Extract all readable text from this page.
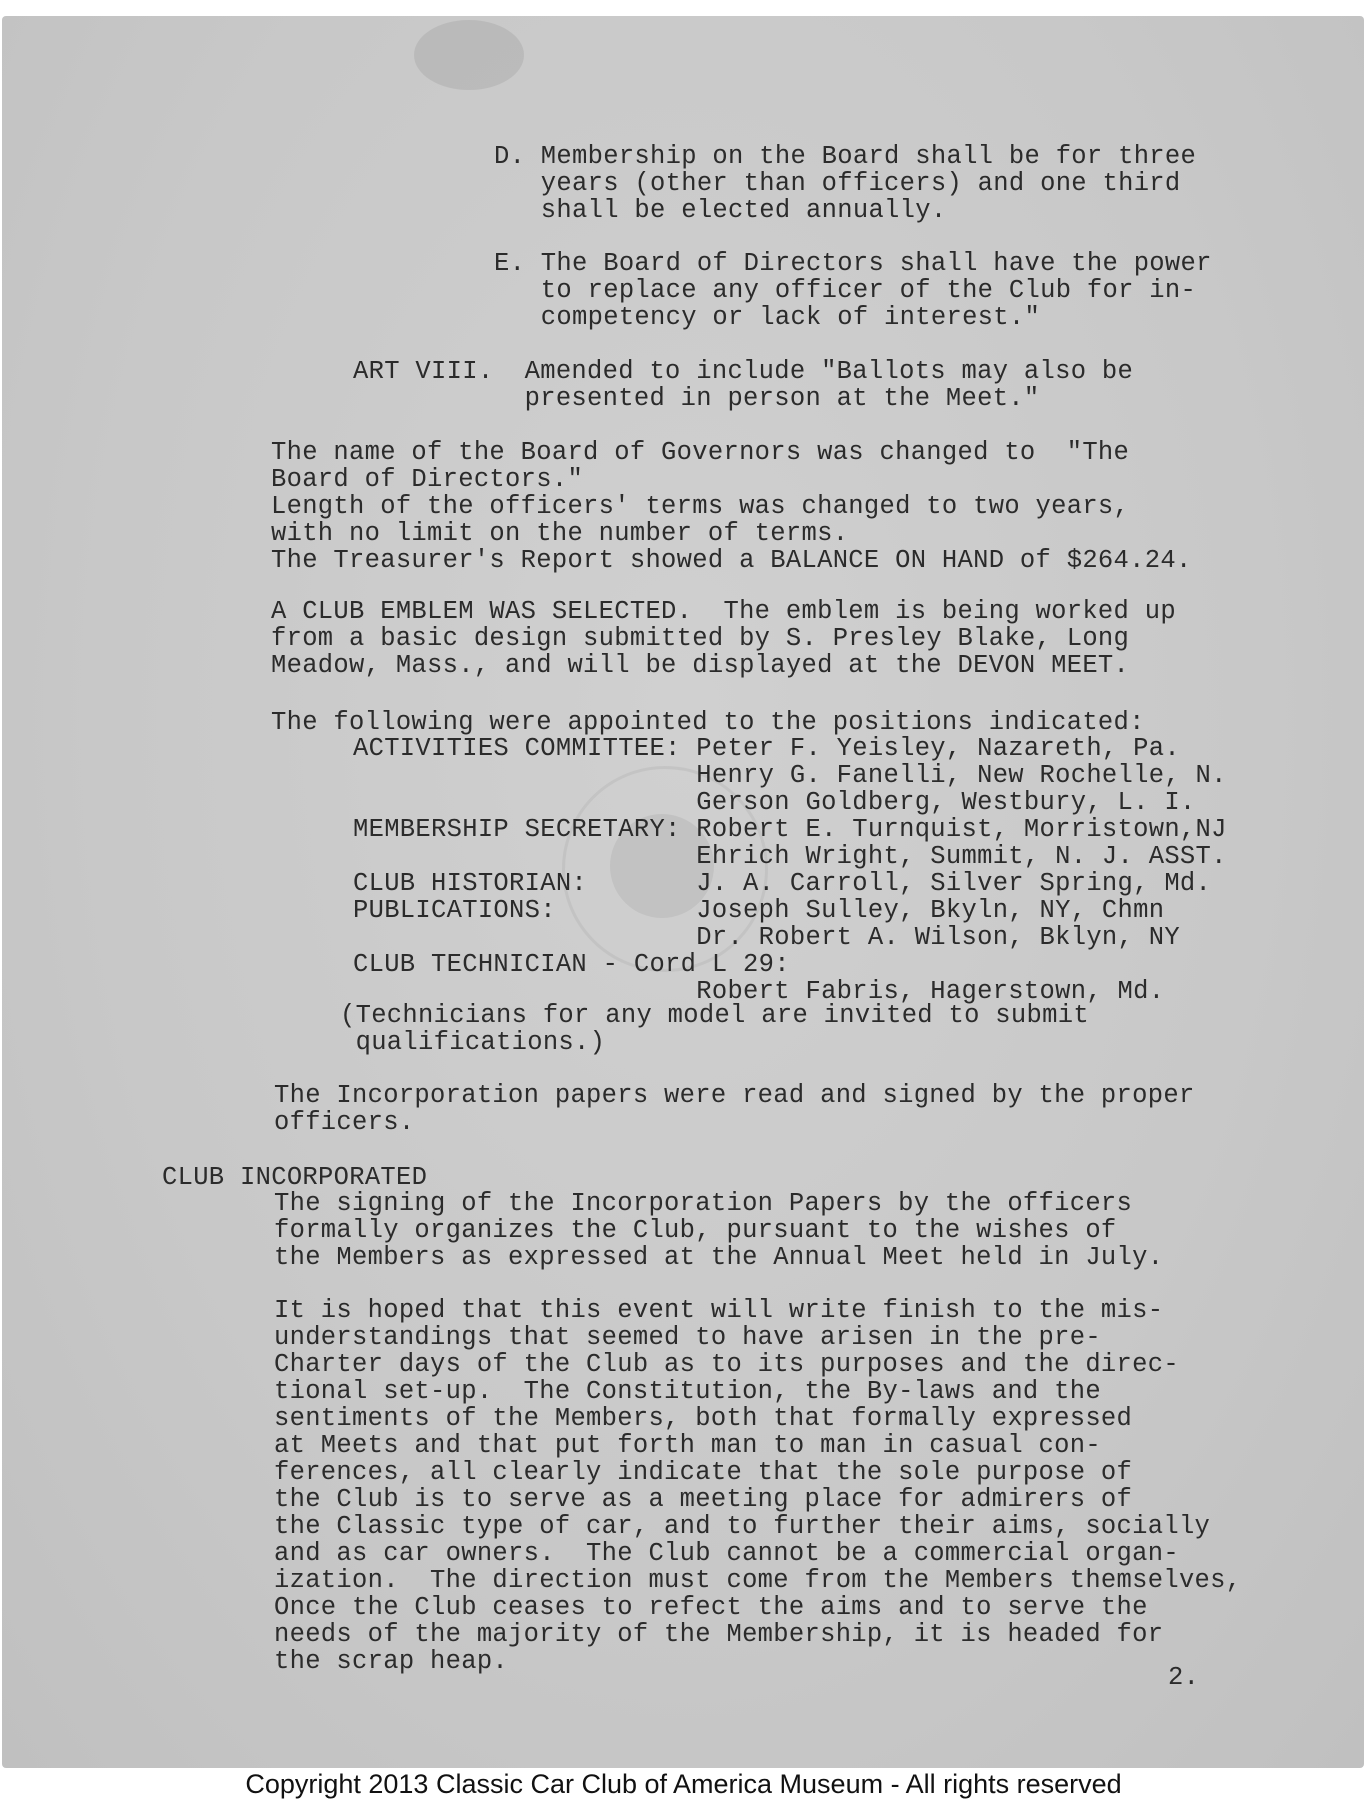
D. Membership on the Board shall be for three
years (other than officers) and one third
shall be elected annually.
E. The Board of Directors shall have the power
to replace any officer of the Club for in-
competency or lack of interest."
ART VIII.  Amended to include "Ballots may also be
presented in person at the Meet."
The name of the Board of Governors was changed to  "The
Board of Directors."
Length of the officers' terms was changed to two years,
with no limit on the number of terms.
The Treasurer's Report showed a BALANCE ON HAND of $264.24.
A CLUB EMBLEM WAS SELECTED.  The emblem is being worked up
from a basic design submitted by S. Presley Blake, Long
Meadow, Mass., and will be displayed at the DEVON MEET.
The following were appointed to the positions indicated:
ACTIVITIES COMMITTEE: Peter F. Yeisley, Nazareth, Pa.
Henry G. Fanelli, New Rochelle, N.
Gerson Goldberg, Westbury, L. I.
MEMBERSHIP SECRETARY: Robert E. Turnquist, Morristown,NJ
Ehrich Wright, Summit, N. J. ASST.
CLUB HISTORIAN:       J. A. Carroll, Silver Spring, Md.
PUBLICATIONS:         Joseph Sulley, Bkyln, NY, Chmn
Dr. Robert A. Wilson, Bklyn, NY
CLUB TECHNICIAN - Cord L 29:
Robert Fabris, Hagerstown, Md.
(Technicians for any model are invited to submit
qualifications.)
The Incorporation papers were read and signed by the proper
officers.
CLUB INCORPORATED
The signing of the Incorporation Papers by the officers
formally organizes the Club, pursuant to the wishes of
the Members as expressed at the Annual Meet held in July.
It is hoped that this event will write finish to the mis-
understandings that seemed to have arisen in the pre-
Charter days of the Club as to its purposes and the direc-
tional set-up.  The Constitution, the By-laws and the
sentiments of the Members, both that formally expressed
at Meets and that put forth man to man in casual con-
ferences, all clearly indicate that the sole purpose of
the Club is to serve as a meeting place for admirers of
the Classic type of car, and to further their aims, socially
and as car owners.  The Club cannot be a commercial organ-
ization.  The direction must come from the Members themselves,
Once the Club ceases to refect the aims and to serve the
needs of the majority of the Membership, it is headed for
the scrap heap.
2.
Copyright 2013 Classic Car Club of America Museum - All rights reserved
